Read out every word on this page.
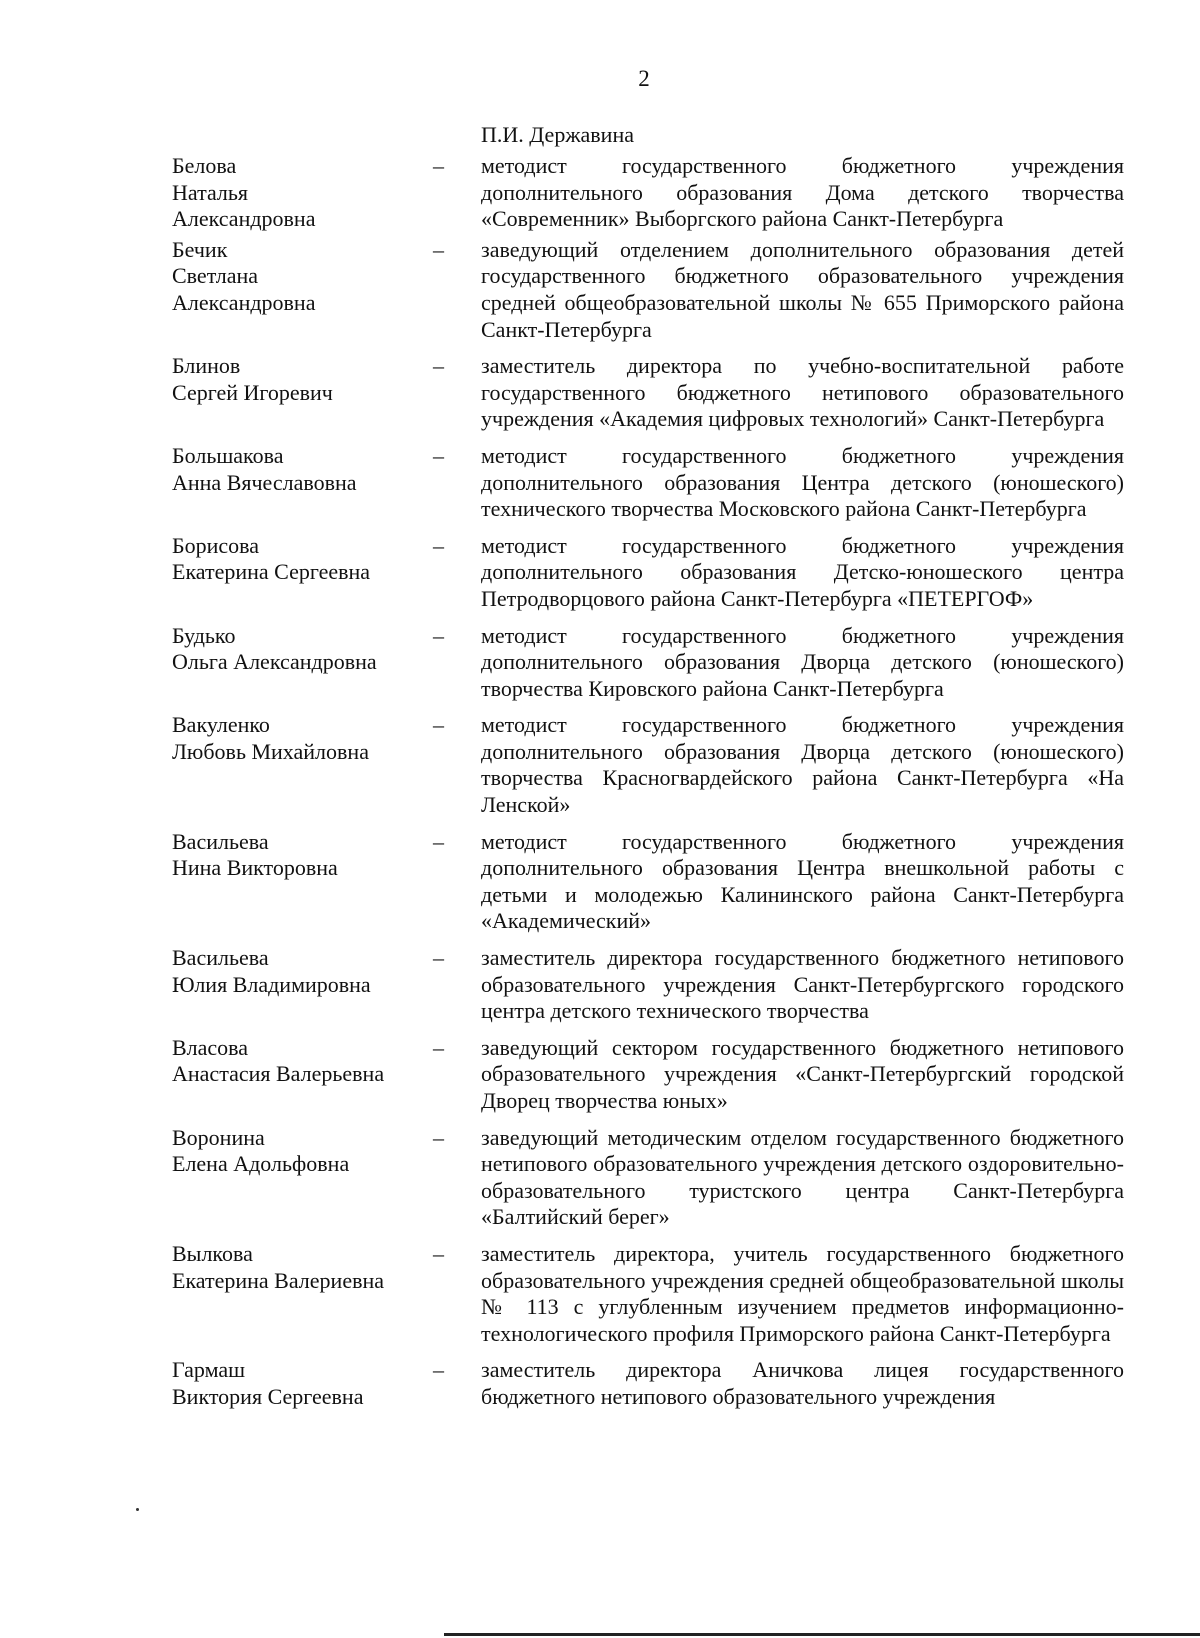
2
П.И. Державина
Белова
Наталья
Александровна
–	методист государственного бюджетного учреждения дополнительного образования Дома детского творчества «Современник» Выборгского района Санкт-Петербурга
Бечик
Светлана
Александровна
–	заведующий отделением дополнительного образования детей государственного бюджетного образовательного учреждения средней общеобразовательной школы № 655 Приморского района Санкт-Петербурга
Блинов
Сергей Игоревич
–	заместитель директора по учебно-воспитательной работе государственного бюджетного нетипового образовательного учреждения «Академия цифровых технологий» Санкт-Петербурга
Большакова
Анна Вячеславовна
–	методист государственного бюджетного учреждения дополнительного образования Центра детского (юношеского) технического творчества Московского района Санкт-Петербурга
Борисова
Екатерина Сергеевна
–	методист государственного бюджетного учреждения дополнительного образования Детско-юношеского центра Петродворцового района Санкт-Петербурга «ПЕТЕРГОФ»
Будько
Ольга Александровна
–	методист государственного бюджетного учреждения дополнительного образования Дворца детского (юношеского) творчества Кировского района Санкт-Петербурга
Вакуленко
Любовь Михайловна
–	методист государственного бюджетного учреждения дополнительного образования Дворца детского (юношеского) творчества Красногвардейского района Санкт-Петербурга «На Ленской»
Васильева
Нина Викторовна
–	методист государственного бюджетного учреждения дополнительного образования Центра внешкольной работы с детьми и молодежью Калининского района Санкт-Петербурга «Академический»
Васильева
Юлия Владимировна
–	заместитель директора государственного бюджетного нетипового образовательного учреждения Санкт-Петербургского городского центра детского технического творчества
Власова
Анастасия Валерьевна
–	заведующий сектором государственного бюджетного нетипового образовательного учреждения «Санкт-Петербургский городской Дворец творчества юных»
Воронина
Елена Адольфовна
–	заведующий методическим отделом государственного бюджетного нетипового образовательного учреждения детского оздоровительно-образовательного туристского центра Санкт-Петербурга «Балтийский берег»
Вылкова
Екатерина Валериевна
–	заместитель директора, учитель государственного бюджетного образовательного учреждения средней общеобразовательной школы № 113 с углубленным изучением предметов информационно-технологического профиля Приморского района Санкт-Петербурга
Гармаш
Виктория Сергеевна
–	заместитель директора Аничкова лицея государственного бюджетного нетипового образовательного учреждения
